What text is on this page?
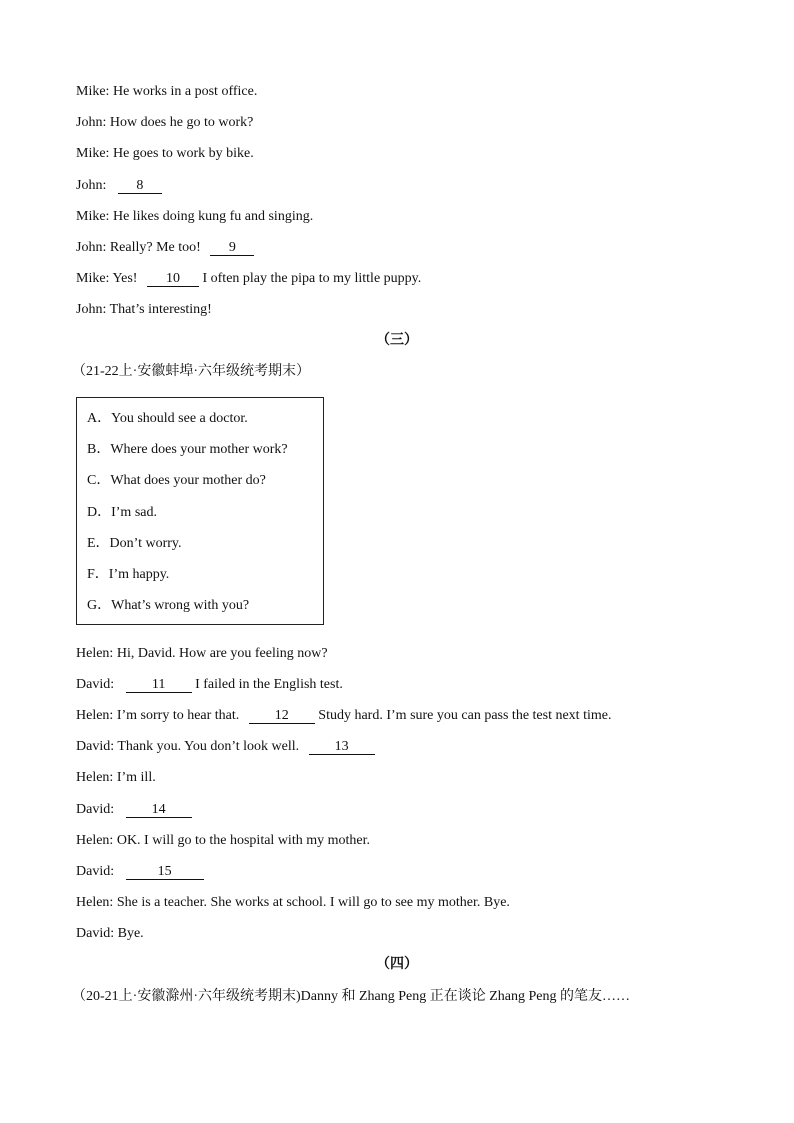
Mike: He works in a post office.
John: How does he go to work?
Mike: He goes to work by bike.
John: 8
Mike: He likes doing kung fu and singing.
John: Really? Me too! 9
Mike: Yes! 10 I often play the pipa to my little puppy.
John: That’s interesting!
（三）
（21-22上·安徽蚌埠·六年级统考期末）
A．You should see a doctor.
B．Where does your mother work?
C．What does your mother do?
D．I’m sad.
E．Don’t worry.
F．I’m happy.
G．What’s wrong with you?
Helen: Hi, David. How are you feeling now?
David:	11 I failed in the English test.
Helen: I’m sorry to hear that.	12 Study hard. I’m sure you can pass the test next time.
David: Thank you. You don’t look well.	13
Helen: I’m ill.
David:	14
Helen: OK. I will go to the hospital with my mother.
David:	15
Helen: She is a teacher. She works at school. I will go to see my mother. Bye.
David: Bye.
（四）
（20-21上·安徽滁州·六年级统考期末)Danny 和 Zhang Peng 正在谈论 Zhang Peng 的笔友……
